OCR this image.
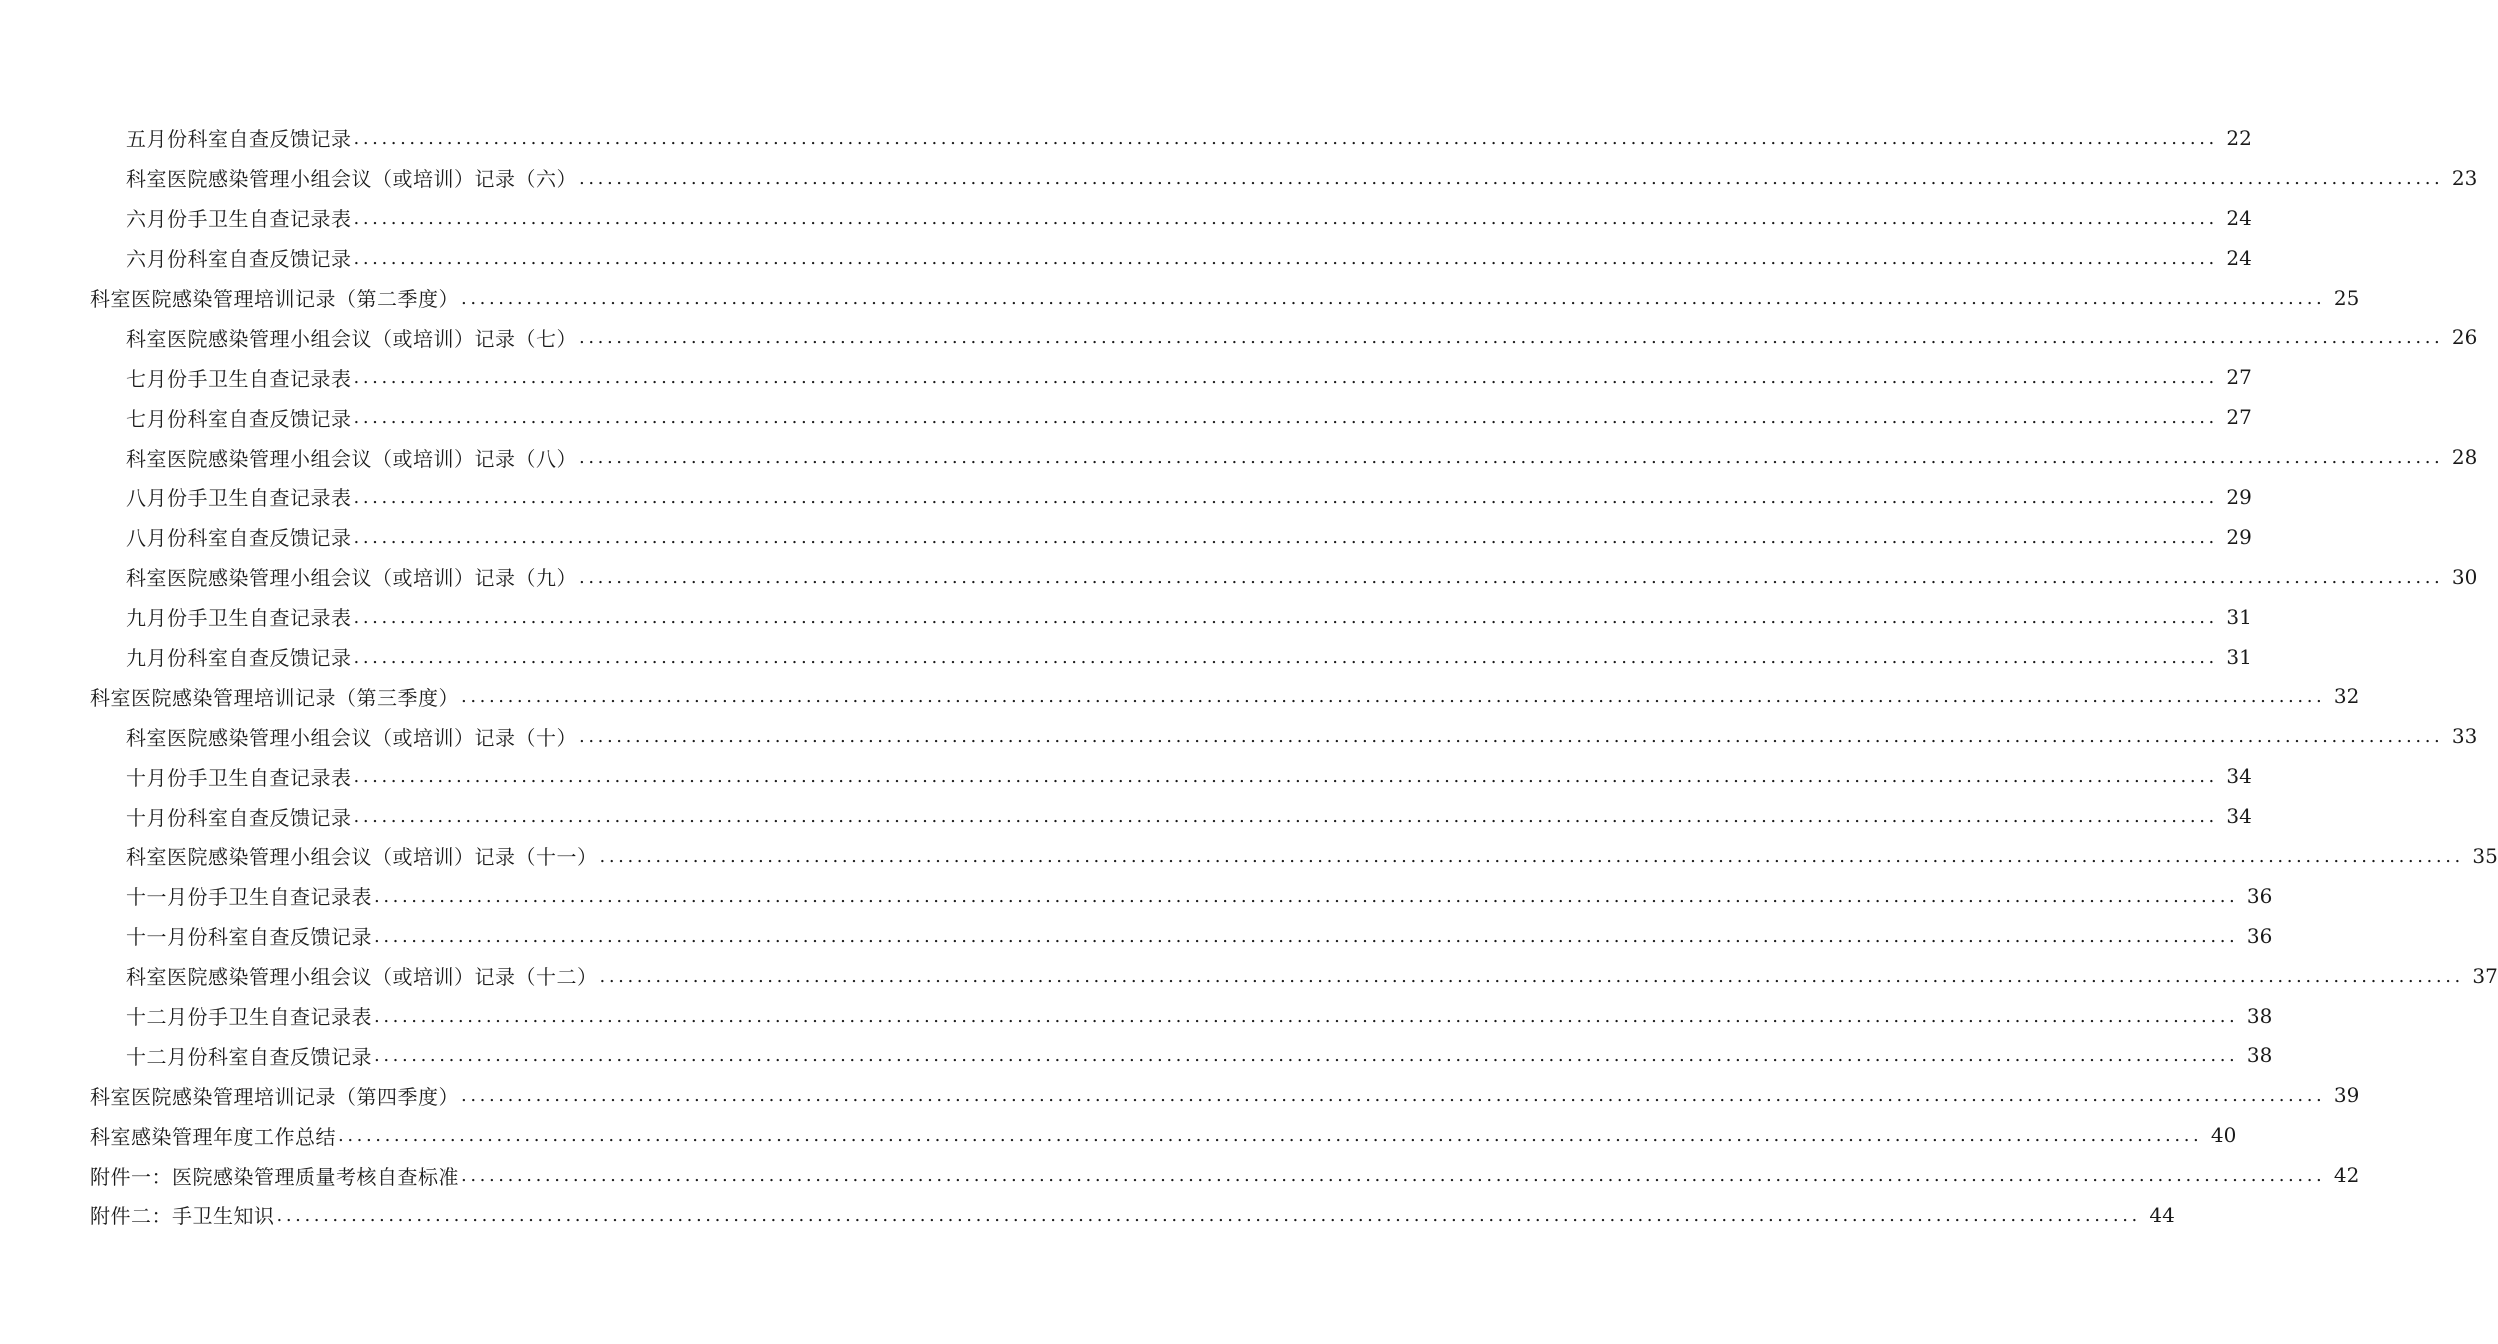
五月份科室自查反馈记录 ........................................................................................................................................................................................................ 22
科室医院感染管理小组会议（或培训）记录（六） ........................................................................................................................................................................................................ 23
六月份手卫生自查记录表 ........................................................................................................................................................................................................ 24
六月份科室自查反馈记录 ........................................................................................................................................................................................................ 24
科室医院感染管理培训记录（第二季度） ........................................................................................................................................................................................................ 25
科室医院感染管理小组会议（或培训）记录（七） ........................................................................................................................................................................................................ 26
七月份手卫生自查记录表 ........................................................................................................................................................................................................ 27
七月份科室自查反馈记录 ........................................................................................................................................................................................................ 27
科室医院感染管理小组会议（或培训）记录（八） ........................................................................................................................................................................................................ 28
八月份手卫生自查记录表 ........................................................................................................................................................................................................ 29
八月份科室自查反馈记录 ........................................................................................................................................................................................................ 29
科室医院感染管理小组会议（或培训）记录（九） ........................................................................................................................................................................................................ 30
九月份手卫生自查记录表 ........................................................................................................................................................................................................ 31
九月份科室自查反馈记录 ........................................................................................................................................................................................................ 31
科室医院感染管理培训记录（第三季度） ........................................................................................................................................................................................................ 32
科室医院感染管理小组会议（或培训）记录（十） ........................................................................................................................................................................................................ 33
十月份手卫生自查记录表 ........................................................................................................................................................................................................ 34
十月份科室自查反馈记录 ........................................................................................................................................................................................................ 34
科室医院感染管理小组会议（或培训）记录（十一） ........................................................................................................................................................................................................ 35
十一月份手卫生自查记录表 ........................................................................................................................................................................................................ 36
十一月份科室自查反馈记录 ........................................................................................................................................................................................................ 36
科室医院感染管理小组会议（或培训）记录（十二） ........................................................................................................................................................................................................ 37
十二月份手卫生自查记录表 ........................................................................................................................................................................................................ 38
十二月份科室自查反馈记录 ........................................................................................................................................................................................................ 38
科室医院感染管理培训记录（第四季度） ........................................................................................................................................................................................................ 39
科室感染管理年度工作总结 ........................................................................................................................................................................................................ 40
附件一：医院感染管理质量考核自查标准 ........................................................................................................................................................................................................ 42
附件二：手卫生知识 ........................................................................................................................................................................................................ 44
